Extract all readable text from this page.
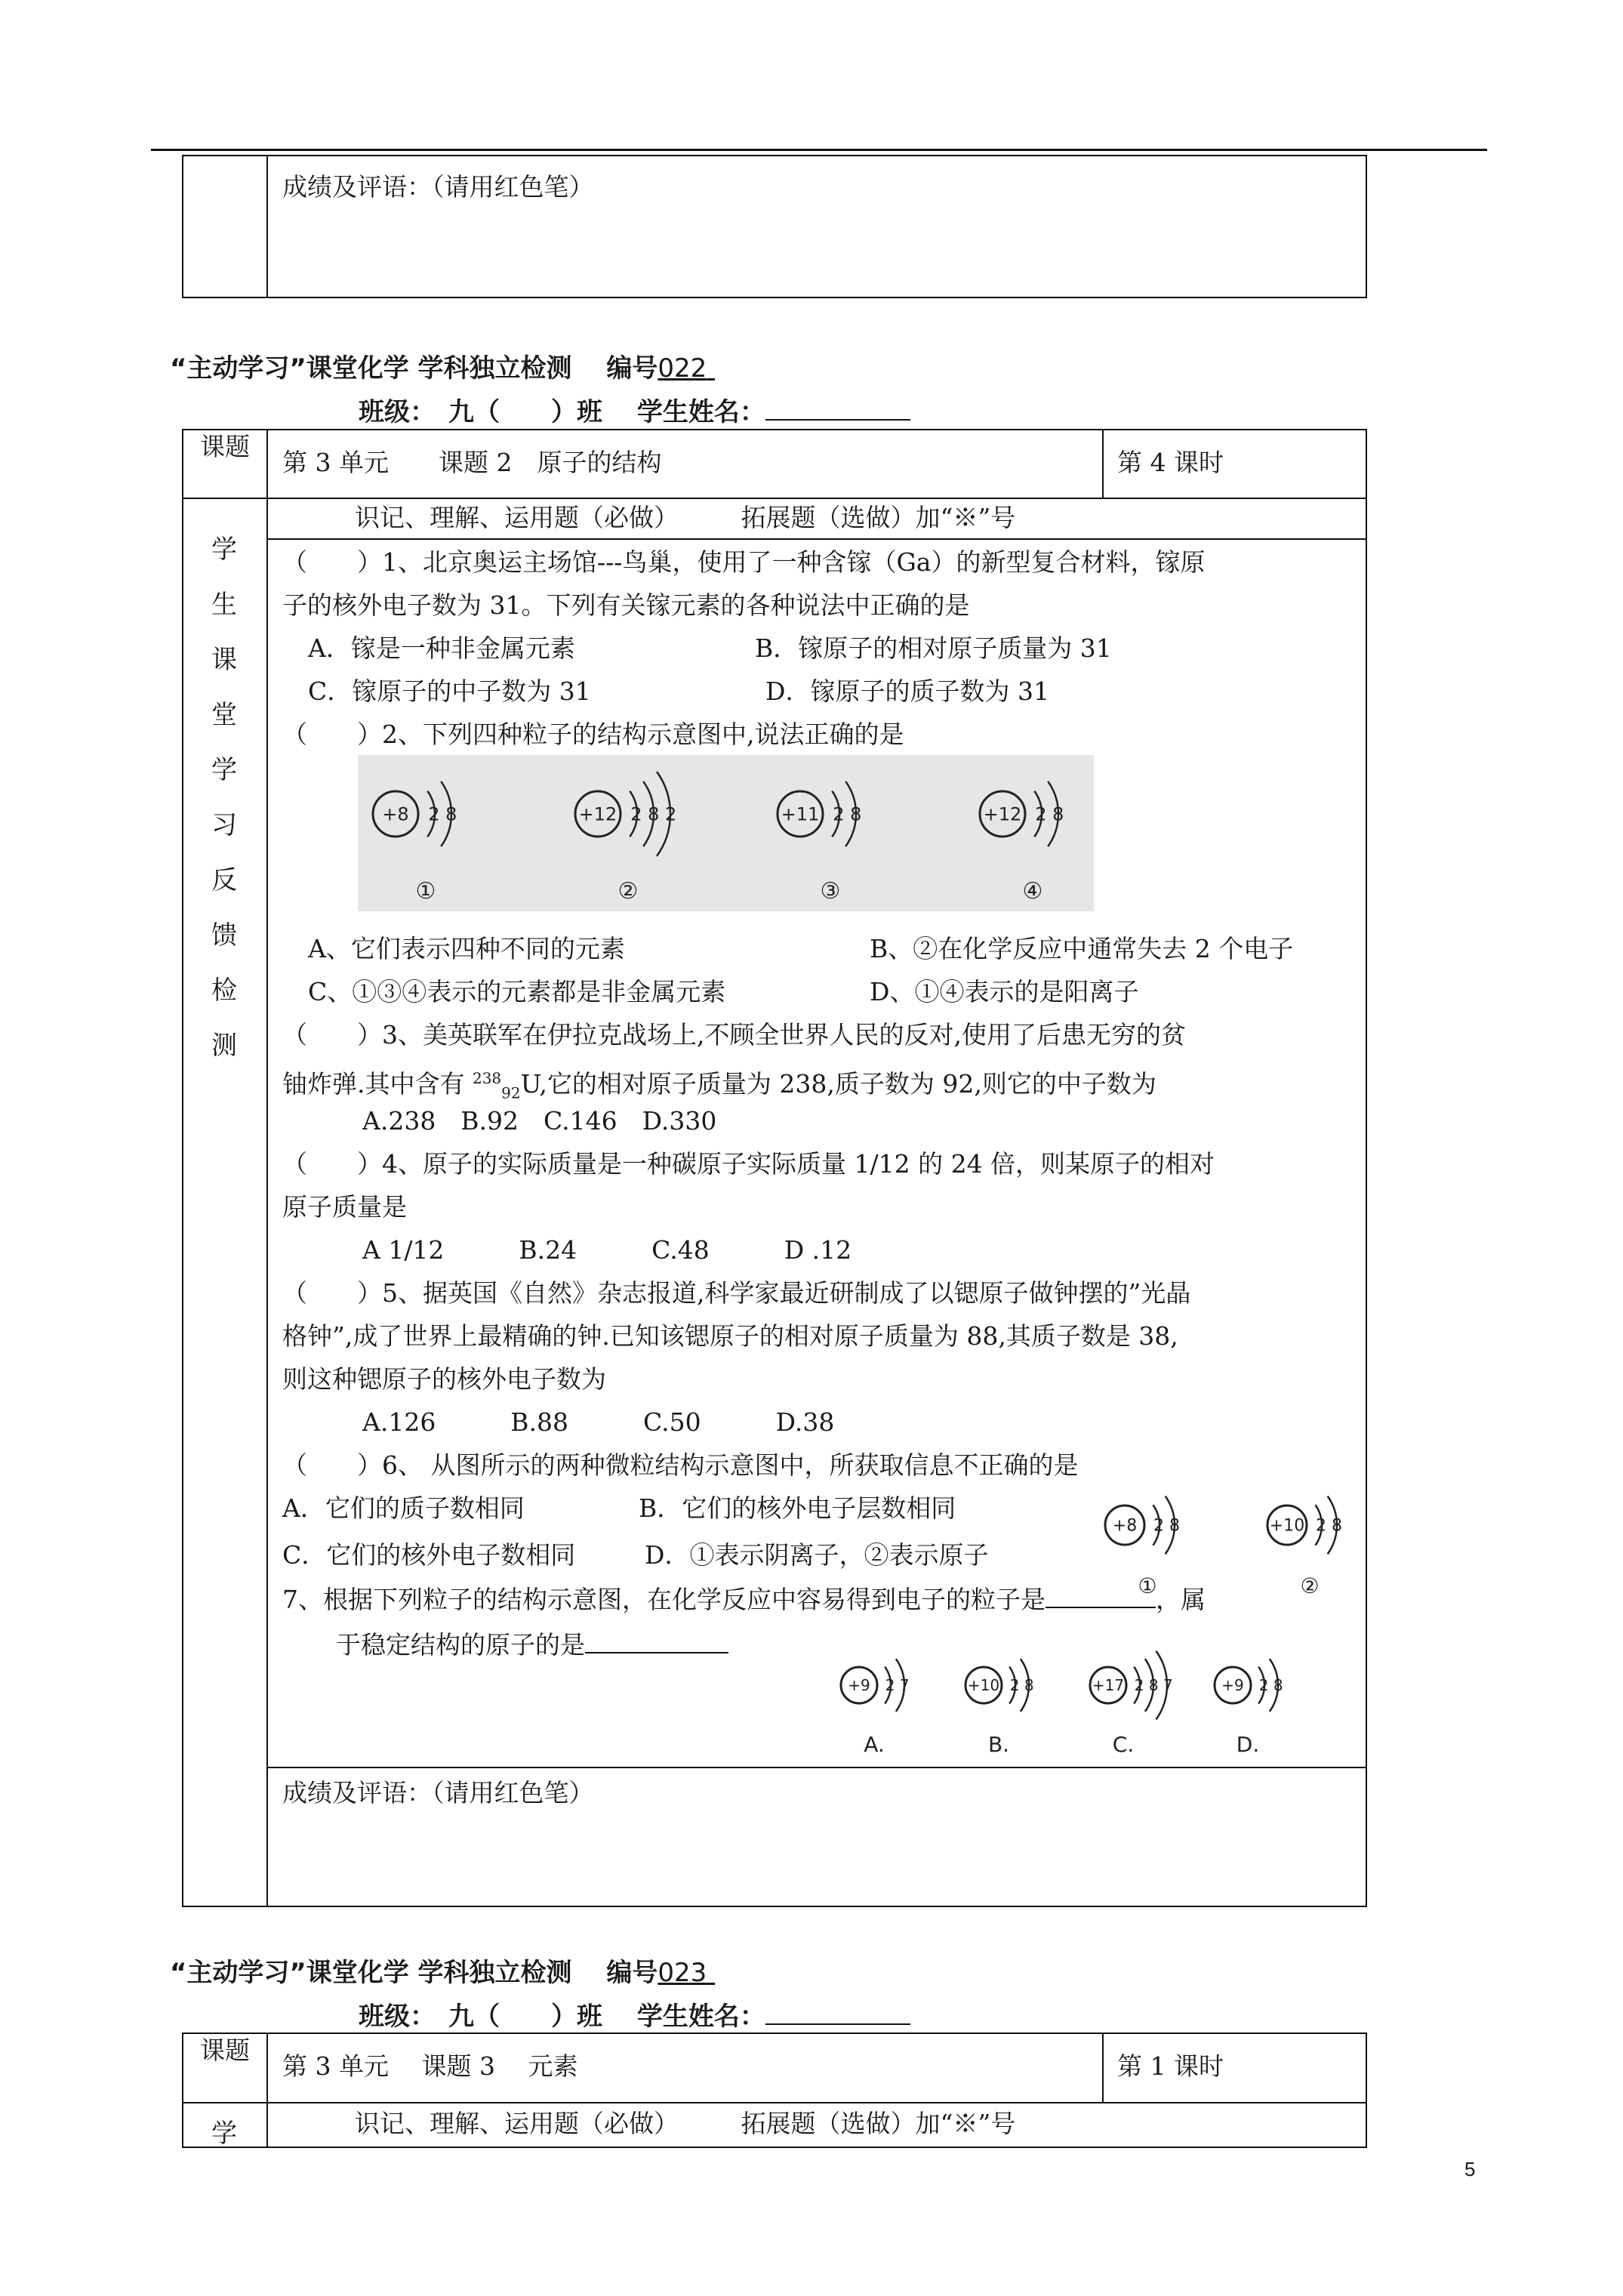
成绩及评语：（请用红色笔）
“主动学习”课堂化学 学科独立检测　 编号022
班级：　九（　　）班　 学生姓名：
课题
第 3 单元　　课题 2　原子的结构	第 4 课时
学
生
课
堂
学
习
反
馈
检
测
识记、理解、运用题（必做）　　　拓展题（选做）加“※”号
（　　）1、北京奥运主场馆---鸟巢，使用了一种含镓（Ga）的新型复合材料，镓原
子的核外电子数为 31。下列有关镓元素的各种说法中正确的是
A．镓是一种非金属元素	B．镓原子的相对原子质量为 31
C．镓原子的中子数为 31	D．镓原子的质子数为 31
（　　）2、下列四种粒子的结构示意图中,说法正确的是
+8 2 8
①
+12 2 8 2
②
+11 2 8
③
+12 2 8
④
A、它们表示四种不同的元素	B、②在化学反应中通常失去 2 个电子
C、①③④表示的元素都是非金属元素	D、①④表示的是阳离子
（　　）3、美英联军在伊拉克战场上,不顾全世界人民的反对,使用了后患无穷的贫
铀炸弹.其中含有 $^{238}_{92}$U,它的相对原子质量为 238,质子数为 92,则它的中子数为
A.238　B.92　C.146　D.330
（　　）4、原子的实际质量是一种碳原子实际质量 1/12 的 24 倍，则某原子的相对
原子质量是
A 1/12　　　B.24　　　C.48　　　D .12
（　　）5、据英国《自然》杂志报道,科学家最近研制成了以锶原子做钟摆的”光晶
格钟”,成了世界上最精确的钟.已知该锶原子的相对原子质量为 88,其质子数是 38,
则这种锶原子的核外电子数为
A.126　　　B.88　　　C.50　　　D.38
（　　）6、 从图所示的两种微粒结构示意图中，所获取信息不正确的是
A．它们的质子数相同	B．它们的核外电子层数相同
C．它们的核外电子数相同	D．①表示阴离子，②表示原子
+8 2 8
①
+10 2 8
②
7、根据下列粒子的结构示意图，在化学反应中容易得到电子的粒子是	，属
于稳定结构的原子的是
+9 2 7
A.
+10 2 8
B.
+17 2 8 7
C.
+9 2 8
D.
成绩及评语：（请用红色笔）
“主动学习”课堂化学 学科独立检测　 编号023
班级：　九（　　）班　 学生姓名：
课题
第 3 单元　 课题 3　 元素	第 1 课时
学	识记、理解、运用题（必做）　　　拓展题（选做）加“※”号
5
